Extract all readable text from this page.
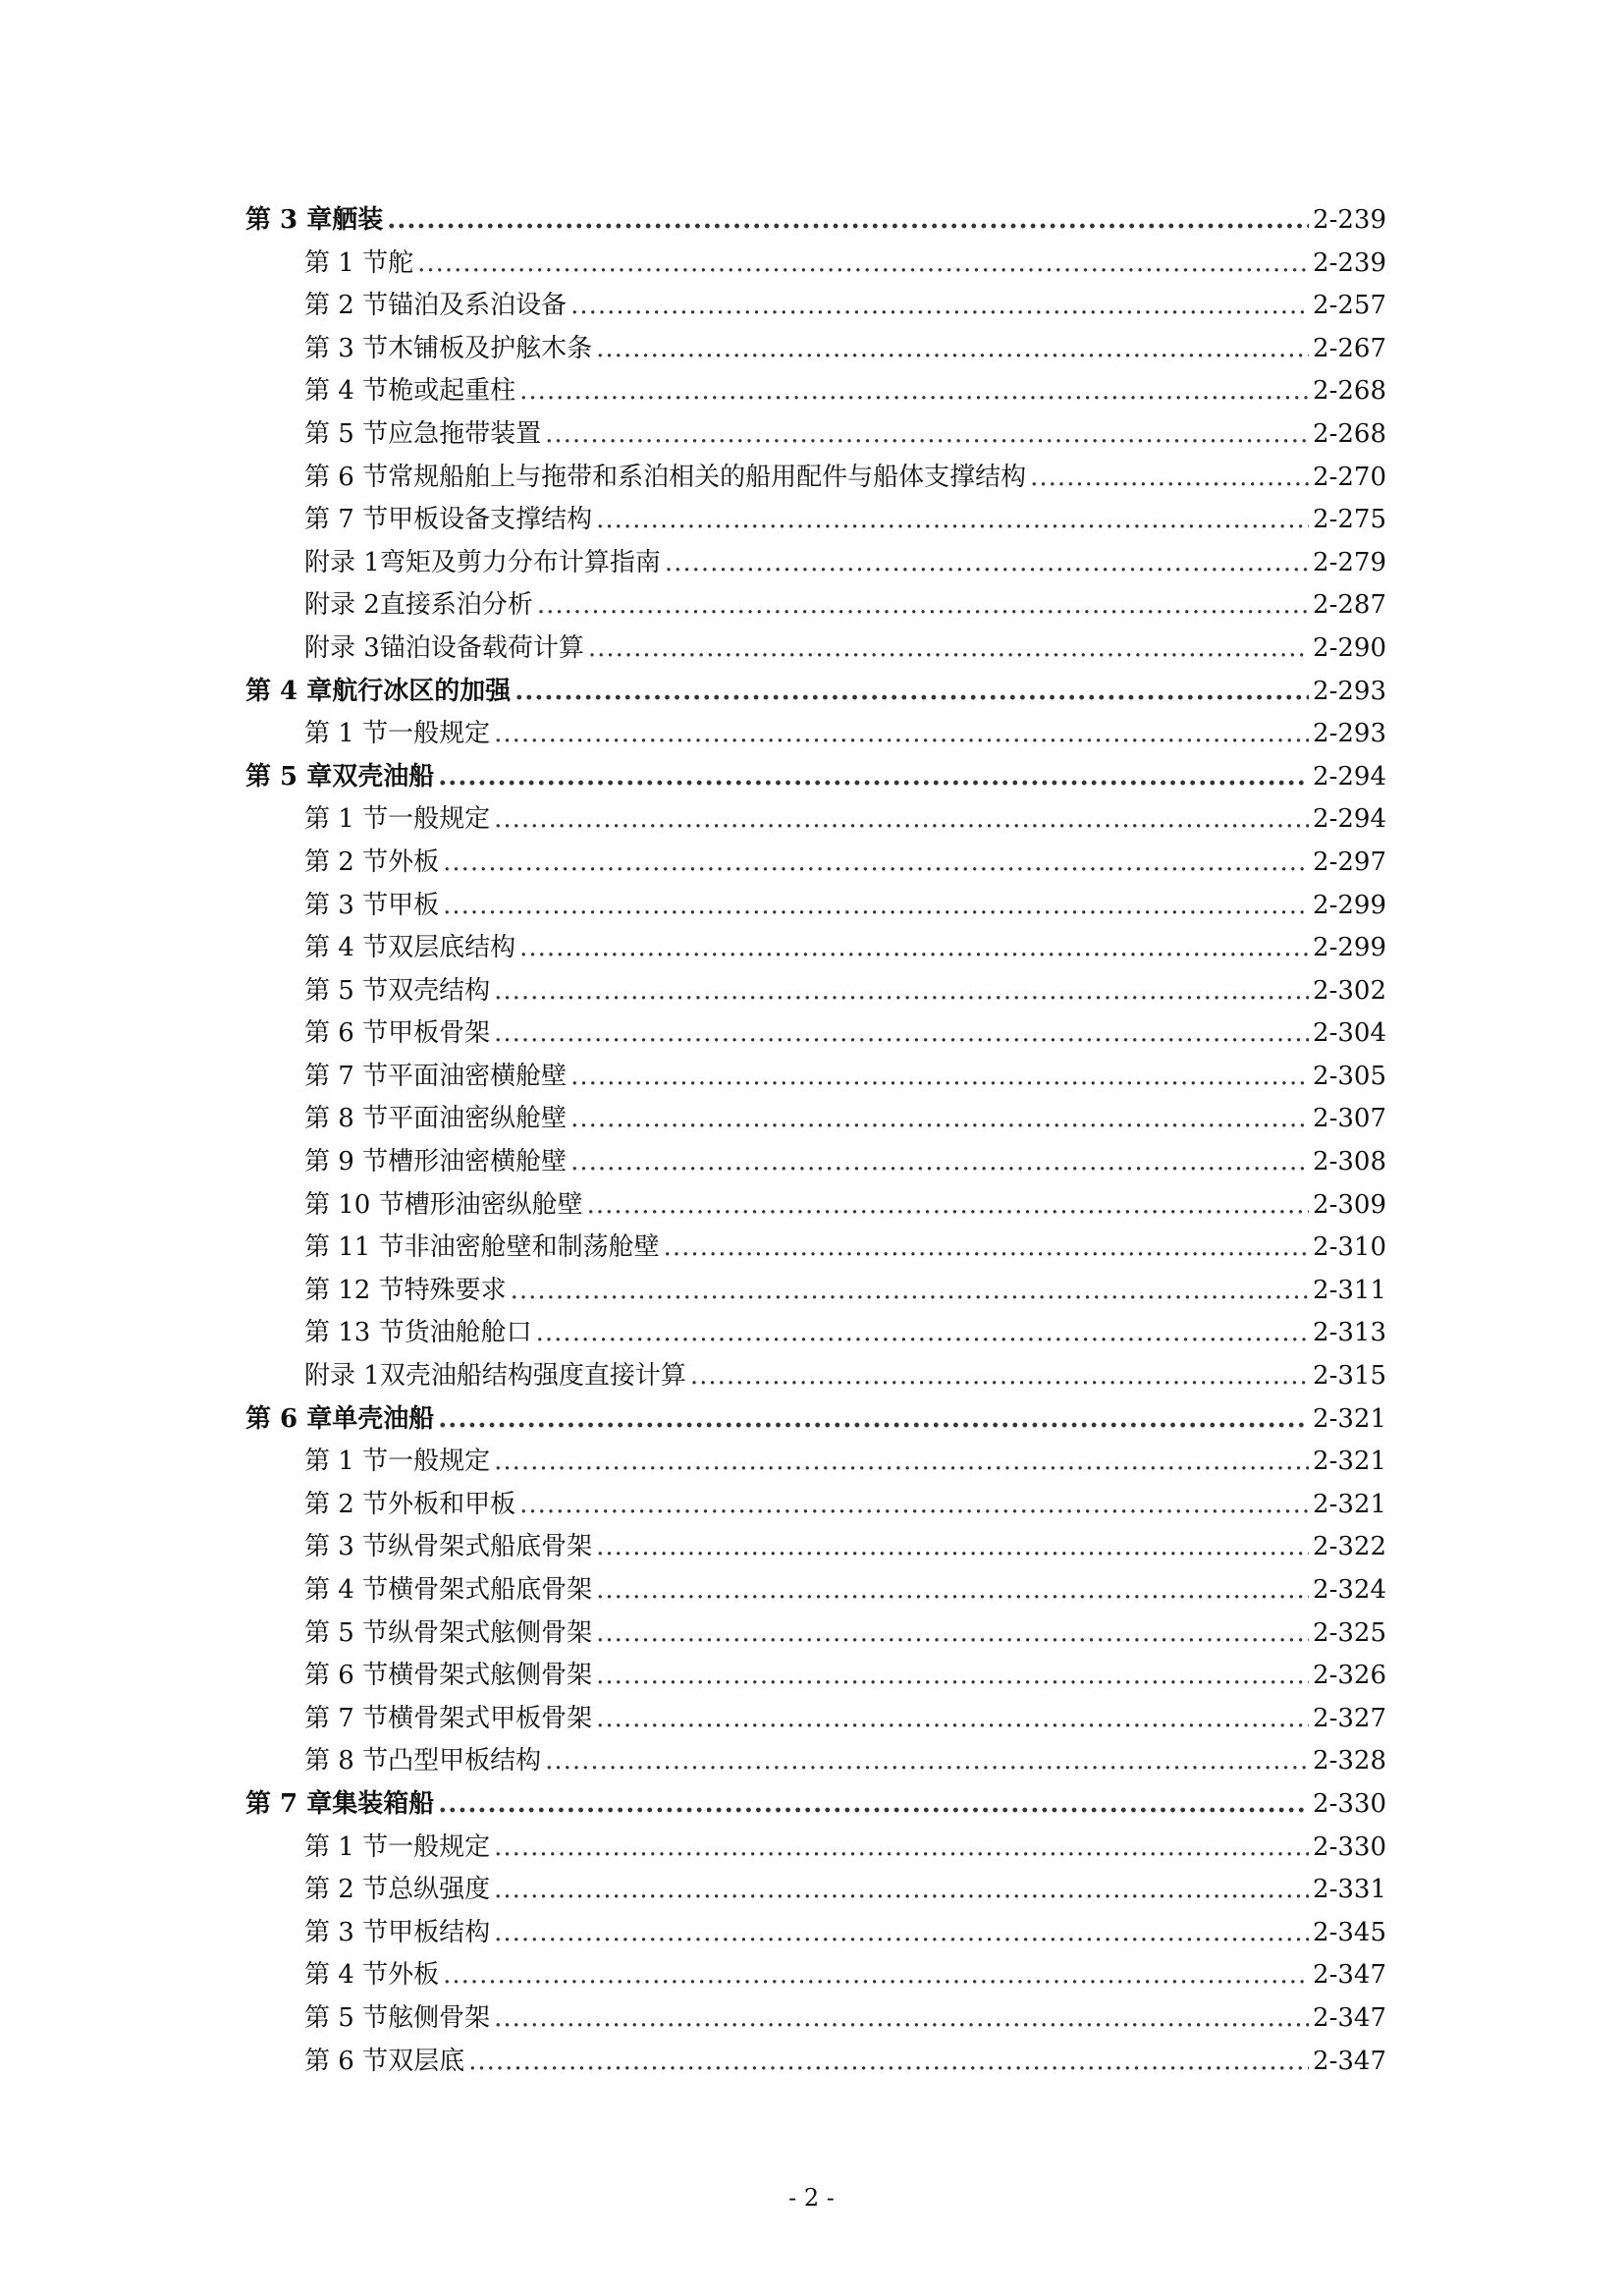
第 3 章 舾装 .....	2-239
第 1 节 舵 .....	2-239
第 2 节 锚泊及系泊设备 .....	2-257
第 3 节 木铺板及护舷木条 .....	2-267
第 4 节 桅或起重柱 .....	2-268
第 5 节 应急拖带装置 .....	2-268
第 6 节 常规船舶上与拖带和系泊相关的船用配件与船体支撑结构 .....	2-270
第 7 节 甲板设备支撑结构 .....	2-275
附录 1 弯矩及剪力分布计算指南 .....	2-279
附录 2 直接系泊分析 .....	2-287
附录 3 锚泊设备载荷计算 .....	2-290
第 4 章 航行冰区的加强 .....	2-293
第 1 节 一般规定 .....	2-293
第 5 章 双壳油船 .....	2-294
第 1 节 一般规定 .....	2-294
第 2 节 外板 .....	2-297
第 3 节 甲板 .....	2-299
第 4 节 双层底结构 .....	2-299
第 5 节 双壳结构 .....	2-302
第 6 节 甲板骨架 .....	2-304
第 7 节 平面油密横舱壁 .....	2-305
第 8 节 平面油密纵舱壁 .....	2-307
第 9 节 槽形油密横舱壁 .....	2-308
第 10 节 槽形油密纵舱壁 .....	2-309
第 11 节 非油密舱壁和制荡舱壁 .....	2-310
第 12 节 特殊要求 .....	2-311
第 13 节 货油舱舱口 .....	2-313
附录 1 双壳油船结构强度直接计算 .....	2-315
第 6 章 单壳油船 .....	2-321
第 1 节 一般规定 .....	2-321
第 2 节 外板和甲板 .....	2-321
第 3 节 纵骨架式船底骨架 .....	2-322
第 4 节 横骨架式船底骨架 .....	2-324
第 5 节 纵骨架式舷侧骨架 .....	2-325
第 6 节 横骨架式舷侧骨架 .....	2-326
第 7 节 横骨架式甲板骨架 .....	2-327
第 8 节 凸型甲板结构 .....	2-328
第 7 章 集装箱船 .....	2-330
第 1 节 一般规定 .....	2-330
第 2 节 总纵强度 .....	2-331
第 3 节 甲板结构 .....	2-345
第 4 节 外板 .....	2-347
第 5 节 舷侧骨架 .....	2-347
第 6 节 双层底 .....	2-347
- 2 -
